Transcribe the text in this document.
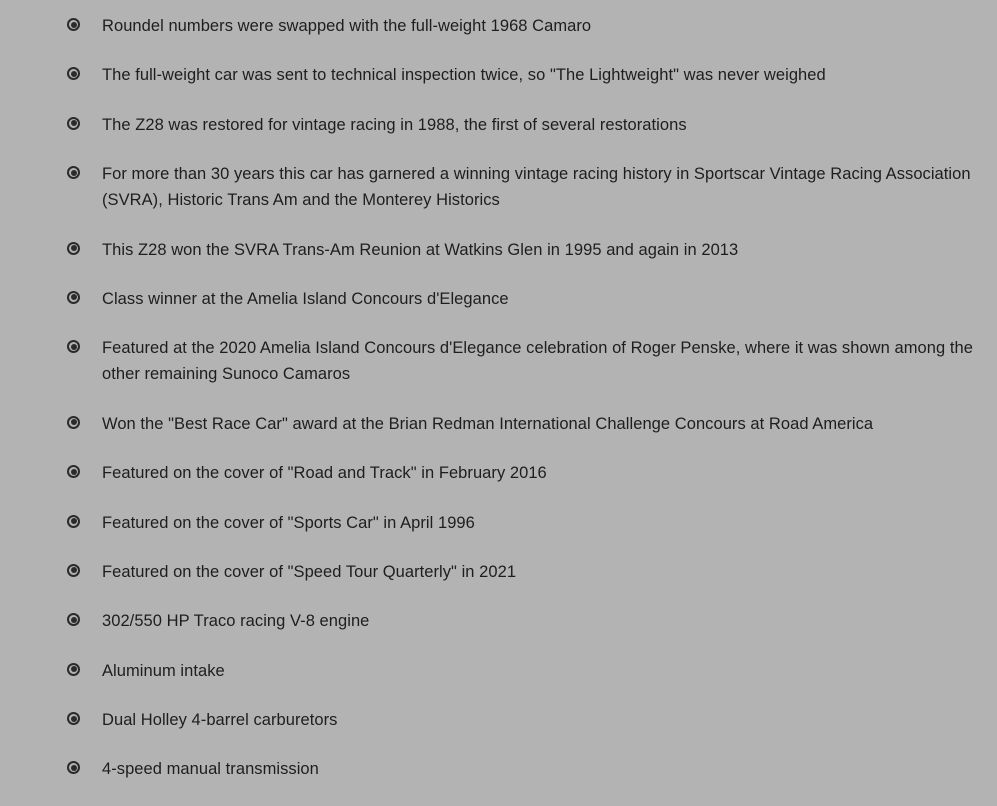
Roundel numbers were swapped with the full-weight 1968 Camaro
The full-weight car was sent to technical inspection twice, so "The Lightweight" was never weighed
The Z28 was restored for vintage racing in 1988, the first of several restorations
For more than 30 years this car has garnered a winning vintage racing history in Sportscar Vintage Racing Association (SVRA), Historic Trans Am and the Monterey Historics
This Z28 won the SVRA Trans-Am Reunion at Watkins Glen in 1995 and again in 2013
Class winner at the Amelia Island Concours d'Elegance
Featured at the 2020 Amelia Island Concours d'Elegance celebration of Roger Penske, where it was shown among the other remaining Sunoco Camaros
Won the "Best Race Car" award at the Brian Redman International Challenge Concours at Road America
Featured on the cover of "Road and Track" in February 2016
Featured on the cover of "Sports Car" in April 1996
Featured on the cover of "Speed Tour Quarterly" in 2021
302/550 HP Traco racing V-8 engine
Aluminum intake
Dual Holley 4-barrel carburetors
4-speed manual transmission
